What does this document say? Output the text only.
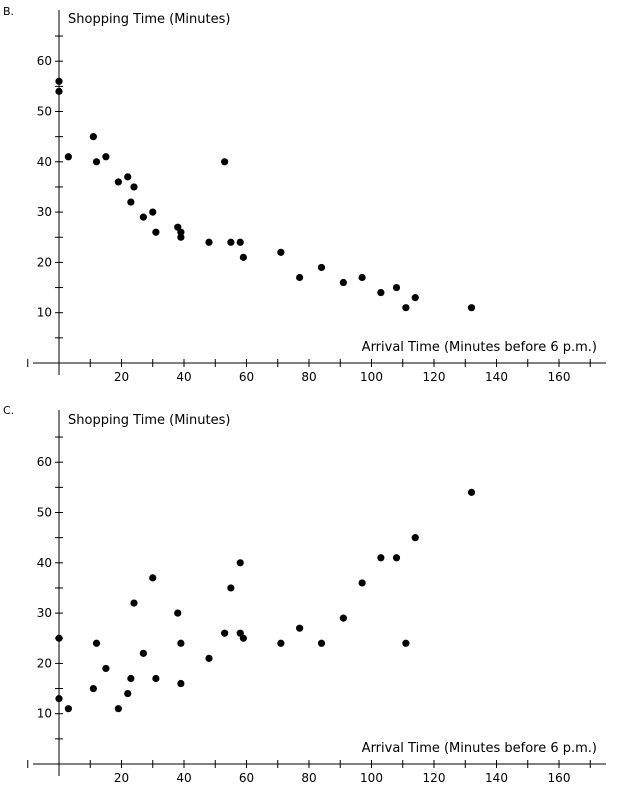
B.
Shopping Time (Minutes)
Arrival Time (Minutes before 6 p.m.)
20	40	60	80	100	120	140	160
10
20
30
40
50
60
C.
Shopping Time (Minutes)
Arrival Time (Minutes before 6 p.m.)
20	40	60	80	100	120	140	160
10
20
30
40
50
60
